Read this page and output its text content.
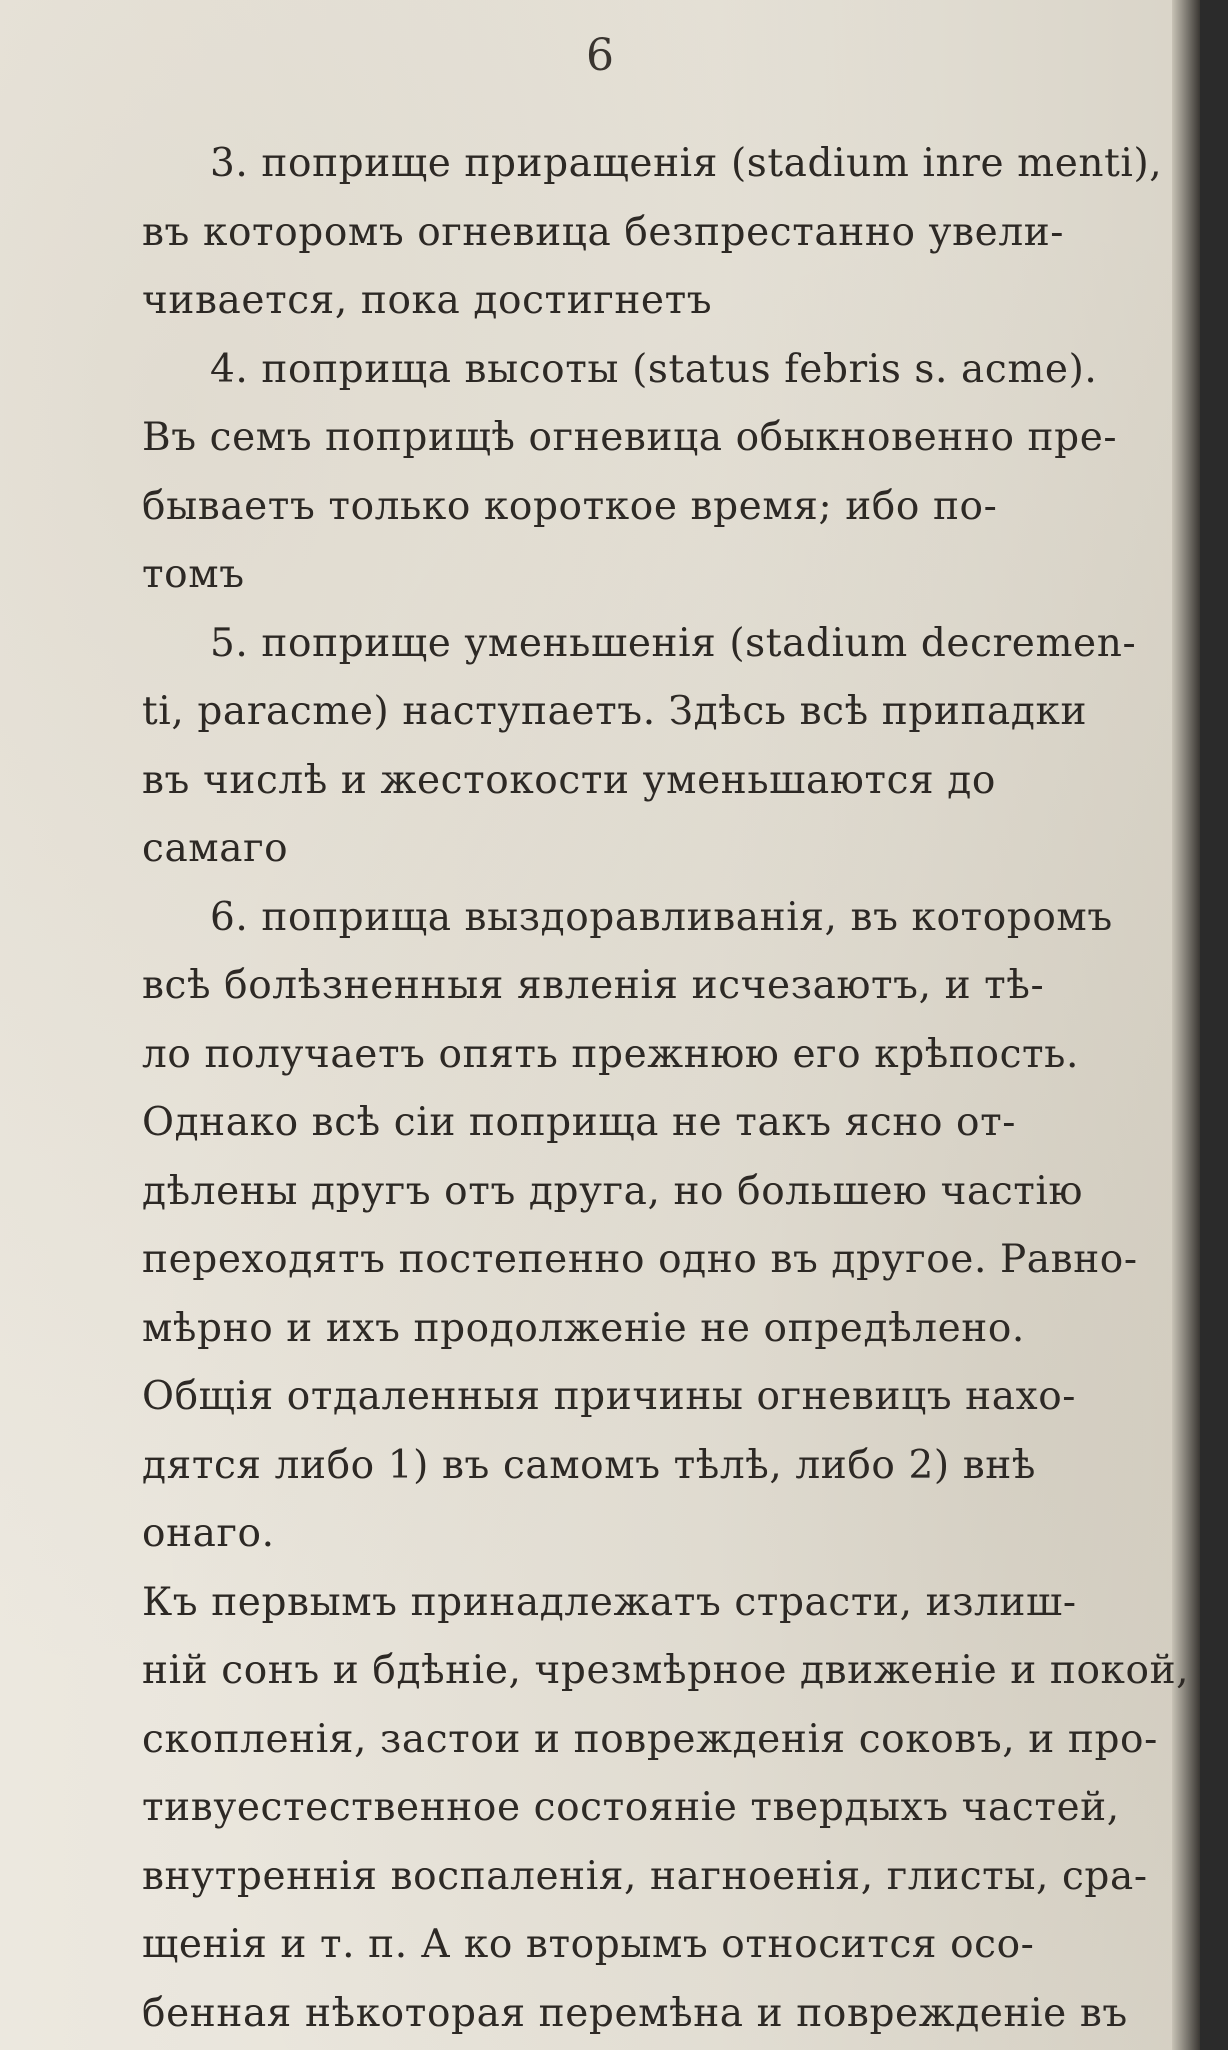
6
3. поприще приращенія (stadium inre menti),
въ которомъ огневица безпрестанно увели-
чивается, пока достигнетъ
4. поприща высоты (status febris s. acme).
Въ семъ поприщѣ огневица обыкновенно пре-
бываетъ только короткое время; ибо по-
томъ
5. поприще уменьшенія (stadium decremen-
ti, paracme) наступаетъ. Здѣсь всѣ припадки
въ числѣ и жестокости уменьшаются до
самаго
6. поприща выздоравливанія, въ которомъ
всѣ болѣзненныя явленія исчезаютъ, и тѣ-
ло получаетъ опять прежнюю его крѣпость.
Однако всѣ сіи поприща не такъ ясно от-
дѣлены другъ отъ друга, но большею частію
переходятъ постепенно одно въ другое. Равно-
мѣрно и ихъ продолженіе не опредѣлено.
Общія отдаленныя причины огневицъ нахо-
дятся либо 1) въ самомъ тѣлѣ, либо 2) внѣ
онаго.
Къ первымъ принадлежатъ страсти, излиш-
ній сонъ и бдѣніе, чрезмѣрное движеніе и покой,
скопленія, застои и поврежденія соковъ, и про-
тивуестественное состояніе твердыхъ частей,
внутреннія воспаленія, нагноенія, глисты, сра-
щенія и т. п. А ко вторымъ относится осо-
бенная нѣкоторая перемѣна и поврежденіе въ
